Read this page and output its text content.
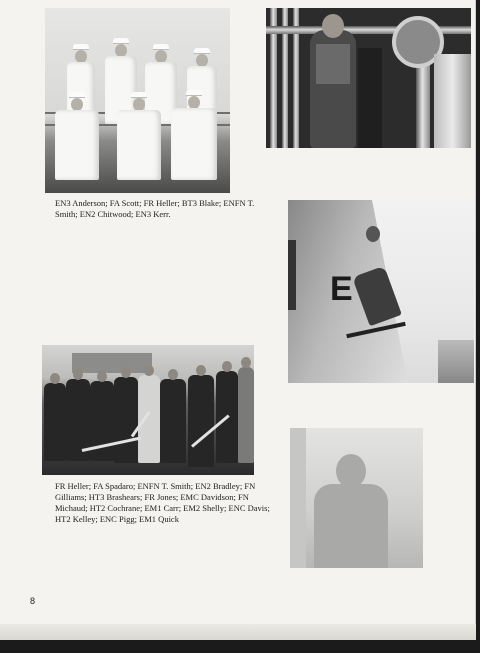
E
EN3 Anderson; FA Scott; FR Heller; BT3 Blake; ENFN T. Smith; EN2 Chitwood; EN3 Kerr.
FR Heller; FA Spadaro; ENFN T. Smith; EN2 Bradley; FN Gilliams; HT3 Brashears; FR Jones; EMC Davidson; FN Michaud; HT2 Cochrane; EM1 Carr; EM2 Shelly; ENC Davis; HT2 Kelley; ENC Pigg; EM1 Quick
8
